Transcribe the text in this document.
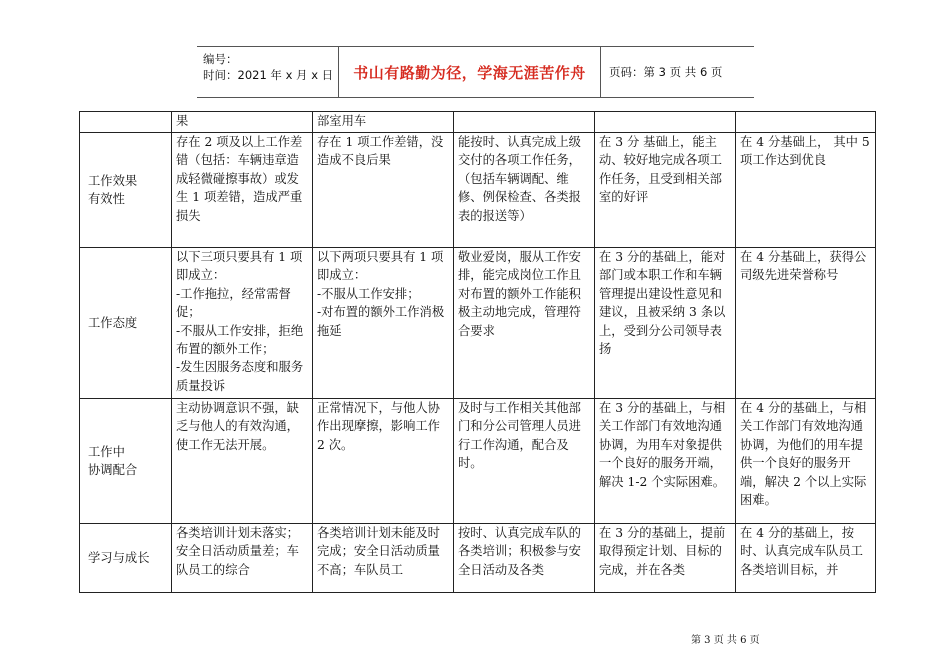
编号：
时间：2021 年 x 月 x 日	书山有路勤为径，学海无涯苦作舟 页码：第 3 页 共 6 页
	果	部室用车			
工作效果
有效性	存在 2 项及以上工作差错（包括：车辆违章造成轻微碰擦事故）或发生 1 项差错，造成严重损失	存在 1 项工作差错，没造成不良后果	能按时、认真完成上级交付的各项工作任务，（包括车辆调配、维修、例保检查、各类报表的报送等）	在 3 分 基础上，能主动、较好地完成各项工作任务，且受到相关部室的好评	在 4 分基础上， 其中 5 项工作达到优良
工作态度	以下三项只要具有 1 项即成立：
-工作拖拉，经常需督促；
-不服从工作安排，拒绝布置的额外工作；
-发生因服务态度和服务质量投诉	以下两项只要具有 1 项即成立：
-不服从工作安排；
-对布置的额外工作消极拖延	敬业爱岗，服从工作安排，能完成岗位工作且对布置的额外工作能积极主动地完成，管理符合要求	在 3 分的基础上，能对部门或本职工作和车辆管理提出建设性意见和建议，且被采纳 3 条以上，受到分公司领导表扬	在 4 分基础上，获得公司级先进荣誉称号
工作中
协调配合	主动协调意识不强，缺乏与他人的有效沟通，使工作无法开展。	正常情况下，与他人协作出现摩擦，影响工作 2 次。	及时与工作相关其他部门和分公司管理人员进行工作沟通，配合及时。	在 3 分的基础上，与相关工作部门有效地沟通协调，为用车对象提供一个良好的服务开端，解决 1-2 个实际困难。	在 4 分的基础上，与相关工作部门有效地沟通协调，为他们的用车提供一个良好的服务开端，解决 2 个以上实际困难。
学习与成长	各类培训计划未落实；安全日活动质量差；车队员工的综合	各类培训计划未能及时完成；安全日活动质量不高；车队员工	按时、认真完成车队的各类培训；积极参与安全日活动及各类	在 3 分的基础上，提前取得预定计划、目标的完成，并在各类	在 4 分的基础上，按时、认真完成车队员工各类培训目标，并
第 3 页 共 6 页
